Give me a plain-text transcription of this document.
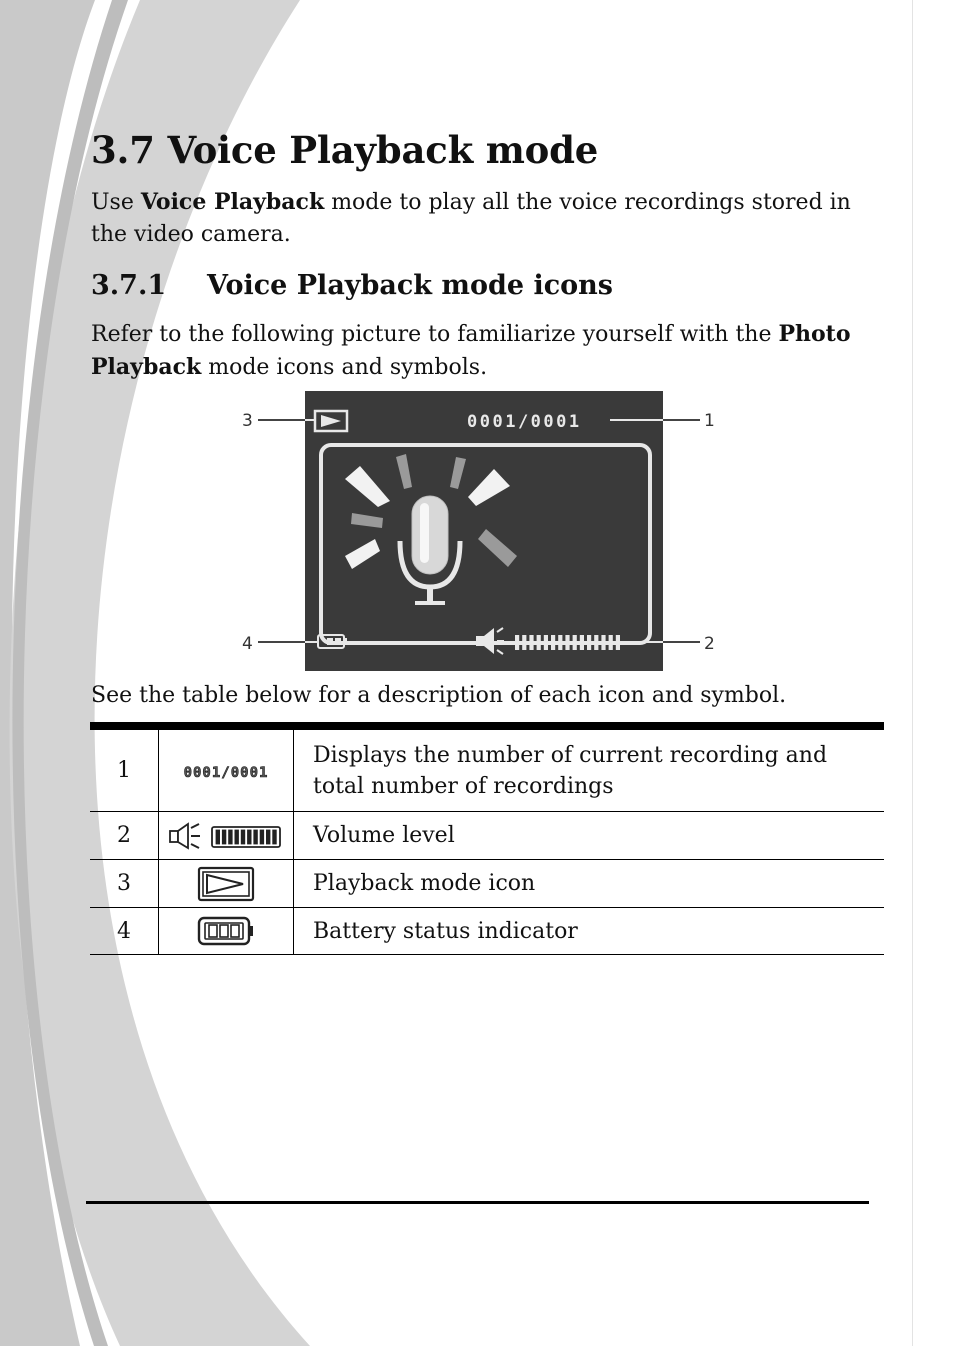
3.7 Voice Playback mode

Use Voice Playback mode to play all the voice recordings stored in the video camera.

3.7.1 Voice Playback mode icons

Refer to the following picture to familiarize yourself with the Photo Playback mode icons and symbols.

0001/0001
3	1
4	2

See the table below for a description of each icon and symbol.

1	0001/0001	Displays the number of current recording and total number of recordings
2		Volume level
3		Playback mode icon
4		Battery status indicator
